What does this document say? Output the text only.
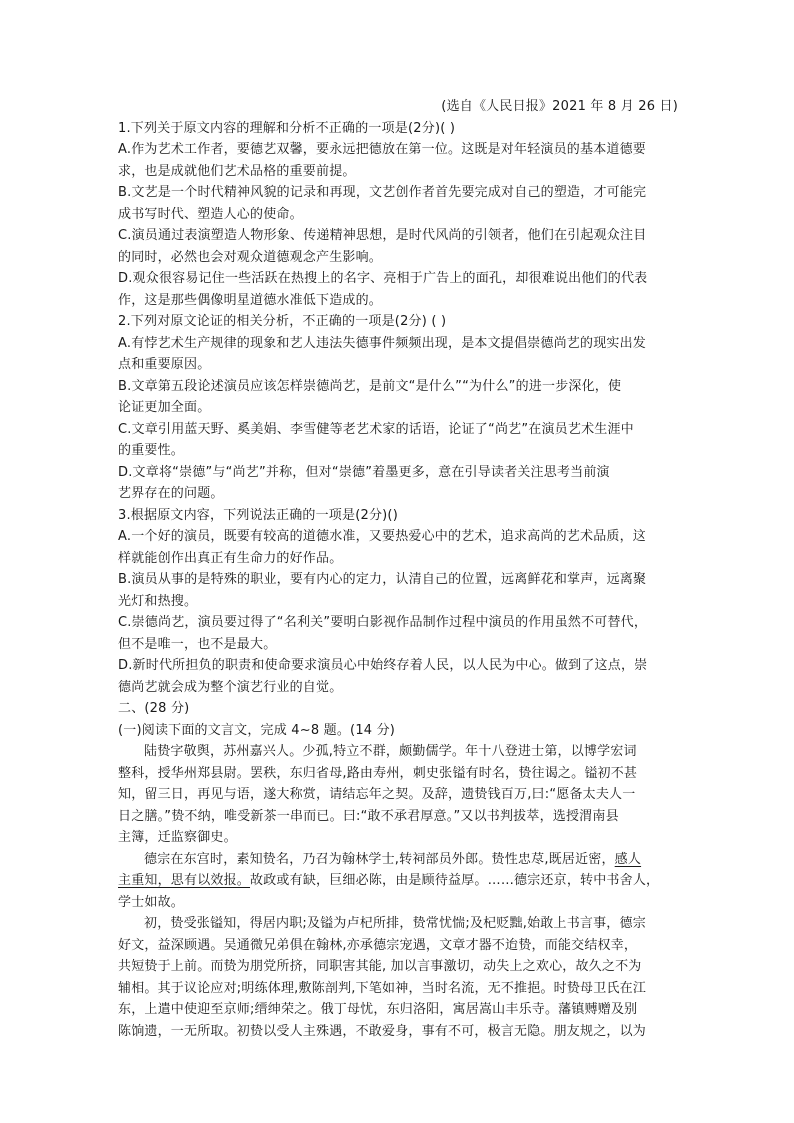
(选自《人民日报》2021 年 8 月 26 日)
1.下列关于原文内容的理解和分析不正确的一项是(2分)( )
A.作为艺术工作者，要德艺双馨，要永远把德放在第一位。这既是对年轻演员的基本道德要
求，也是成就他们艺术品格的重要前提。
B.文艺是一个时代精神风貌的记录和再现，文艺创作者首先要完成对自己的塑造，才可能完
成书写时代、塑造人心的使命。
C.演员通过表演塑造人物形象、传递精神思想，是时代风尚的引领者，他们在引起观众注目
的同时，必然也会对观众道德观念产生影响。
D.观众很容易记住一些活跃在热搜上的名字、亮相于广告上的面孔，却很难说出他们的代表
作，这是那些偶像明星道德水准低下造成的。
2.下列对原文论证的相关分析，不正确的一项是(2分) ( )
A.有悖艺术生产规律的现象和艺人违法失德事件频频出现，是本文提倡崇德尚艺的现实出发
点和重要原因。
B.文章第五段论述演员应该怎样崇德尚艺，是前文“是什么”“为什么”的进一步深化，使
论证更加全面。
C.文章引用蓝天野、奚美娟、李雪健等老艺术家的话语，论证了“尚艺”在演员艺术生涯中
的重要性。
D.文章将“崇德”与“尚艺”并称，但对“崇德”着墨更多，意在引导读者关注思考当前演
艺界存在的问题。
3.根据原文内容，下列说法正确的一项是(2分)()
A.一个好的演员，既要有较高的道德水准，又要热爱心中的艺术，追求高尚的艺术品质，这
样就能创作出真正有生命力的好作品。
B.演员从事的是特殊的职业，要有内心的定力，认清自己的位置，远离鲜花和掌声，远离聚
光灯和热搜。
C.崇德尚艺，演员要过得了“名利关”要明白影视作品制作过程中演员的作用虽然不可替代，
但不是唯一，也不是最大。
D.新时代所担负的职责和使命要求演员心中始终存着人民，以人民为中心。做到了这点，崇
德尚艺就会成为整个演艺行业的自觉。
二、(28 分)
(一)阅读下面的文言文，完成 4~8 题。(14 分)
陆贽字敬舆，苏州嘉兴人。少孤,特立不群，颇勤儒学。年十八登进士第，以博学宏词
整科，授华州郑县尉。罢秩，东归省母,路由寿州，刺史张镒有时名，贽往谒之。镒初不甚
知，留三日，再见与语，遂大称赏，请结忘年之契。及辞，遗贽钱百万,曰:“愿备太夫人一
日之膳。”贽不纳，唯受新茶一串而已。曰:“敢不承君厚意。”又以书判拔萃，选授渭南县
主簿，迁监察御史。
德宗在东宫时，素知贽名，乃召为翰林学士,转祠部员外郎。贽性忠荩,既居近密，感人
主重知，思有以效报。故政或有缺，巨细必陈，由是顾待益厚。……德宗还京，转中书舍人，
学士如故。
初，贽受张镒知，得居内职;及镒为卢杞所排，贽常忧惴;及杞贬黜,始敢上书言事，德宗
好文，益深顾遇。吴通微兄弟俱在翰林,亦承德宗宠遇，文章才器不迨贽，而能交结权幸，
共短贽于上前。而贽为朋党所挤，同职害其能, 加以言事激切，动失上之欢心，故久之不为
辅相。其于议论应对;明练体理,敷陈剖判,下笔如神，当时名流，无不推挹。时贽母卫氏在江
东，上遣中使迎至京师;缙绅荣之。俄丁母忧，东归洛阳，寓居嵩山丰乐寺。藩镇赙赠及别
陈饷遗，一无所取。初贽以受人主殊遇，不敢爱身，事有不可，极言无隐。朋友规之，以为
